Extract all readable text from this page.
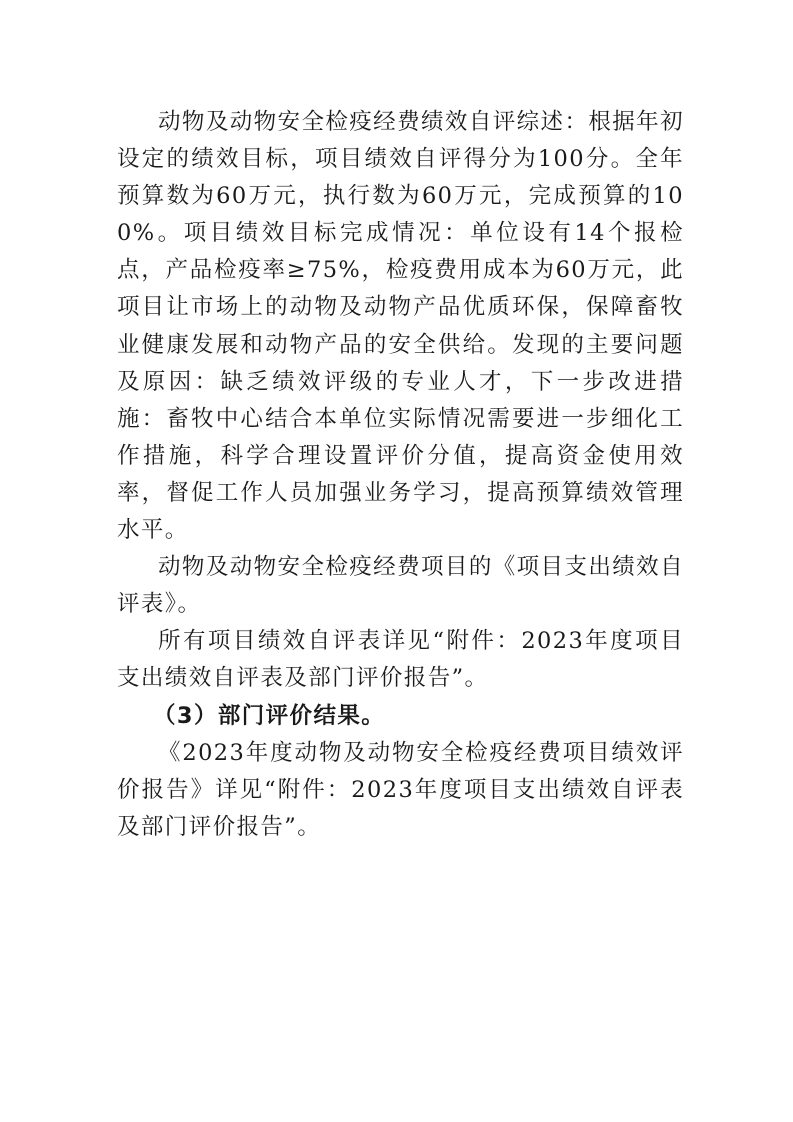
动物及动物安全检疫经费绩效自评综述：根据年初设定的绩效目标，项目绩效自评得分为100分。全年预算数为60万元，执行数为60万元，完成预算的100%。项目绩效目标完成情况：单位设有14个报检点，产品检疫率≥75%，检疫费用成本为60万元，此项目让市场上的动物及动物产品优质环保，保障畜牧业健康发展和动物产品的安全供给。发现的主要问题及原因：缺乏绩效评级的专业人才，下一步改进措施：畜牧中心结合本单位实际情况需要进一步细化工作措施，科学合理设置评价分值，提高资金使用效率，督促工作人员加强业务学习，提高预算绩效管理水平。

动物及动物安全检疫经费项目的《项目支出绩效自评表》。

所有项目绩效自评表详见“附件：2023年度项目支出绩效自评表及部门评价报告”。

（3）部门评价结果。

《2023年度动物及动物安全检疫经费项目绩效评价报告》详见“附件：2023年度项目支出绩效自评表及部门评价报告”。
